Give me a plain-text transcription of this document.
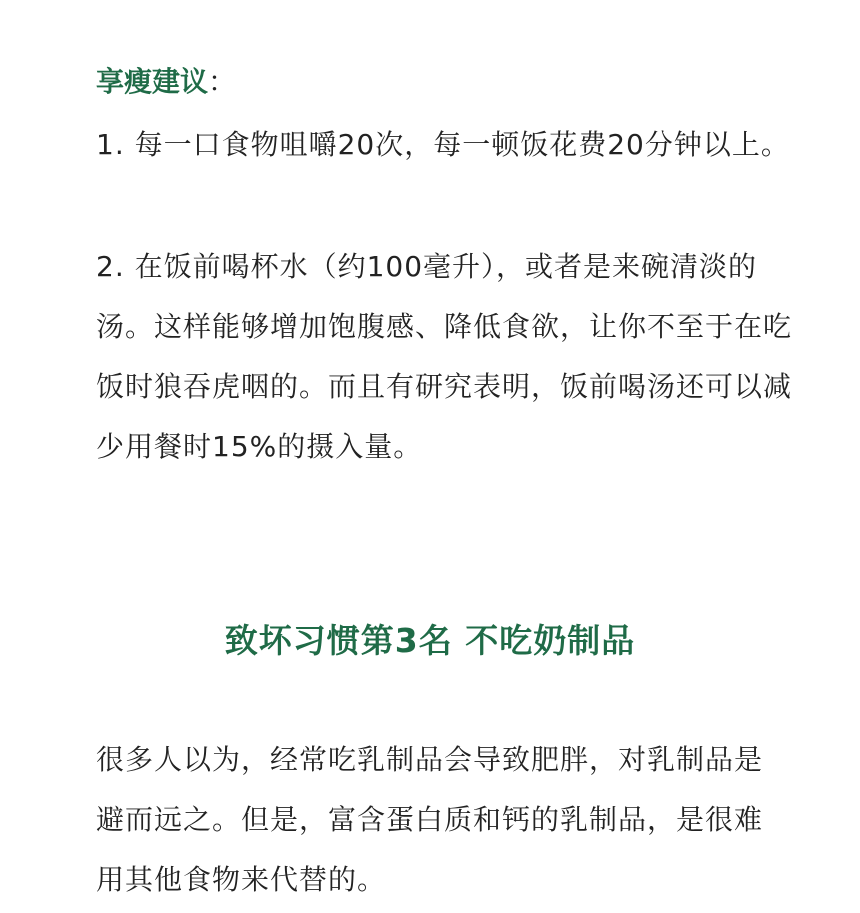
享瘦建议：
1. 每一口食物咀嚼20次，每一顿饭花费20分钟以上。
2. 在饭前喝杯水（约100毫升），或者是来碗清淡的汤。这样能够增加饱腹感、降低食欲，让你不至于在吃饭时狼吞虎咽的。而且有研究表明，饭前喝汤还可以减少用餐时15%的摄入量。
致坏习惯第3名 不吃奶制品
很多人以为，经常吃乳制品会导致肥胖，对乳制品是避而远之。但是，富含蛋白质和钙的乳制品，是很难用其他食物来代替的。
